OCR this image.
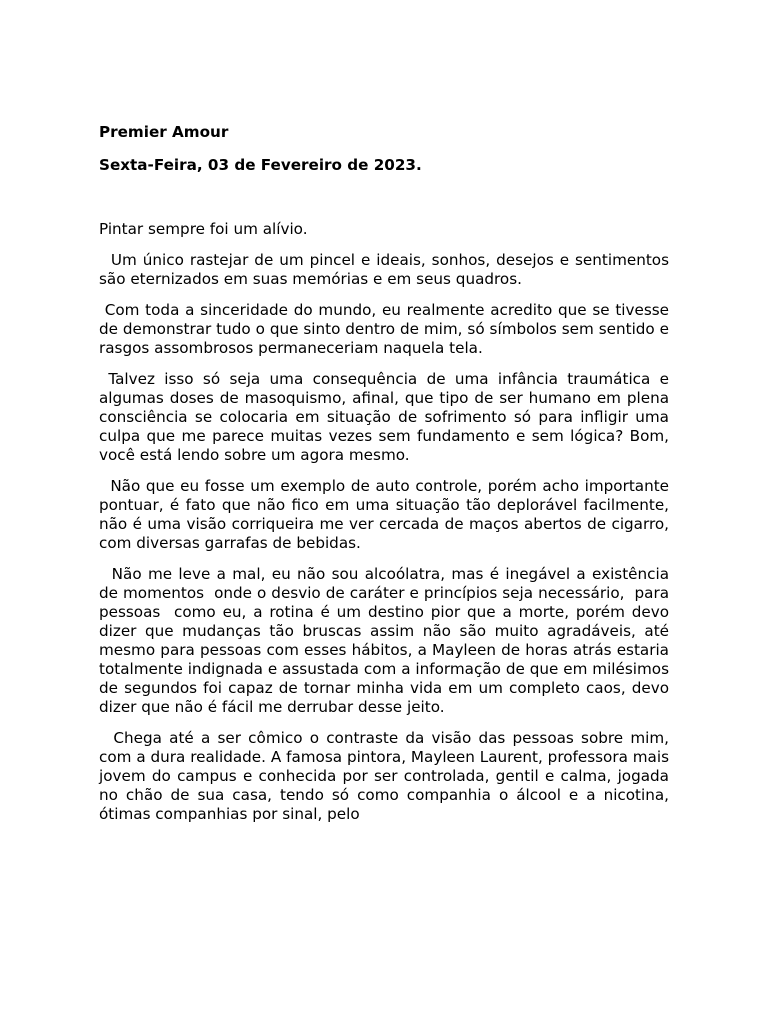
Premier Amour
Sexta-Feira, 03 de Fevereiro de 2023.

Pintar sempre foi um alívio.

Um único rastejar de um pincel e ideais, sonhos, desejos e sentimentos são eternizados em suas memórias e em seus quadros.

Com toda a sinceridade do mundo, eu realmente acredito que se tivesse de demonstrar tudo o que sinto dentro de mim, só símbolos sem sentido e rasgos assombrosos permaneceriam naquela tela.

Talvez isso só seja uma consequência de uma infância traumática e algumas doses de masoquismo, afinal, que tipo de ser humano em plena consciência se colocaria em situação de sofrimento só para infligir uma culpa que me parece muitas vezes sem fundamento e sem lógica? Bom, você está lendo sobre um agora mesmo.

Não que eu fosse um exemplo de auto controle, porém acho importante pontuar, é fato que não fico em uma situação tão deplorável facilmente, não é uma visão corriqueira me ver cercada de maços abertos de cigarro, com diversas garrafas de bebidas.

Não me leve a mal, eu não sou alcoólatra, mas é inegável a existência de momentos  onde o desvio de caráter e princípios seja necessário,  para pessoas  como eu, a rotina é um destino pior que a morte, porém devo dizer que mudanças tão bruscas assim não são muito agradáveis, até mesmo para pessoas com esses hábitos, a Mayleen de horas atrás estaria totalmente indignada e assustada com a informação de que em milésimos de segundos foi capaz de tornar minha vida em um completo caos, devo dizer que não é fácil me derrubar desse jeito.

Chega até a ser cômico o contraste da visão das pessoas sobre mim, com a dura realidade. A famosa pintora, Mayleen Laurent, professora mais jovem do campus e conhecida por ser controlada, gentil e calma, jogada no chão de sua casa, tendo só como companhia o álcool e a nicotina, ótimas companhias por sinal, pelo
